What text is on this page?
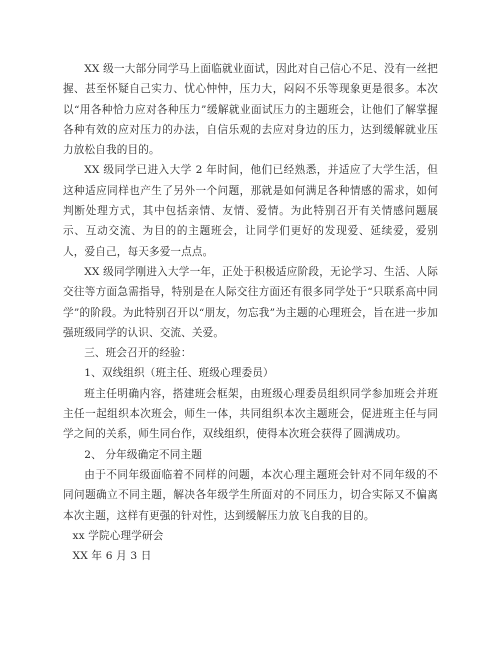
XX 级一大部分同学马上面临就业面试，因此对自己信心不足、没有一丝把握、甚至怀疑自己实力、忧心忡忡，压力大，闷闷不乐等现象更是很多。本次以“用各种恰力应对各种压力”缓解就业面试压力的主题班会，让他们了解掌握各种有效的应对压力的办法，自信乐观的去应对身边的压力，达到缓解就业压力放松自我的目的。

XX 级同学已进入大学 2 年时间，他们已经熟悉，并适应了大学生活，但这种适应同样也产生了另外一个问题，那就是如何满足各种情感的需求，如何判断处理方式，其中包括亲情、友情、爱情。为此特别召开有关情感问题展示、互动交流、为目的的主题班会，让同学们更好的发现爱、延续爱，爱别人，爱自己，每天多爱一点点。

XX 级同学刚进入大学一年，正处于积极适应阶段，无论学习、生活、人际交往等方面急需指导，特别是在人际交往方面还有很多同学处于“只联系高中同学”的阶段。为此特别召开以“朋友，勿忘我”为主题的心理班会，旨在进一步加强班级同学的认识、交流、关爱。

三、班会召开的经验：

1、双线组织（班主任、班级心理委员）

班主任明确内容，搭建班会框架，由班级心理委员组织同学参加班会并班主任一起组织本次班会，师生一体，共同组织本次主题班会，促进班主任与同学之间的关系，师生同台作，双线组织，使得本次班会获得了圆满成功。

2、 分年级确定不同主题

由于不同年级面临着不同样的问题，本次心理主题班会针对不同年级的不同问题确立不同主题，解决各年级学生所面对的不同压力，切合实际又不偏离本次主题，这样有更强的针对性，达到缓解压力放飞自我的目的。

xx 学院心理学研会

XX 年 6 月 3 日
